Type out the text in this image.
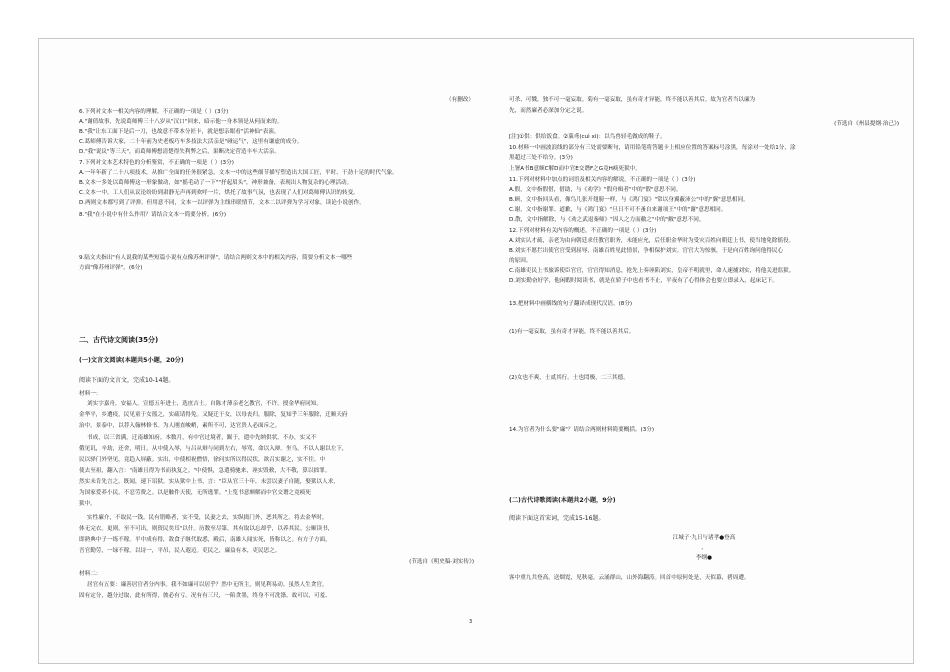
（有删改）
6.下列对文本一相关内容的理解，不正确的一项是（ ）(3分)
A."谢倩故事，先说葛师傅三十八岁从"汉口"回来，暗示他一身本领是从何而来的。
B."我"让东工面下是后一刀，也故意不带本分匠卡，就是想亲眼看"活神仙"表演。
C.葛师傅告诉大家，二十年前为史老板巧车多技法大活亲是"碰运气"，这里有谦虚的成分。
D."我"说议"等三天"，而葛师傅想清楚得失利弊之后，果断决定营造丰车大活亲。
7.下列对文本艺术特色的分析鉴赏，不正确的一项是（ ）(3分)
A.一年年新了二十八项技术，从推广全面的任务很紧急，文本一中的这些细节描写塑造出大国工匠，平时、干劲十足的时代气象。
B.文本一多处以葛师傅这一形象做动，如"摇毛动了一下""抒起眉头"，神形兼备，表现出人物复杂的心理活动。
C.文本一中，工人们从议论纷纷到肃静无声再到欢呼一片，烘托了故事气氛，也表现了人们对葛师傅认识的转变。
D.两则文本都写到了评弹。但用意不同，文本一以评弹为主线串联情节，文本二以评弹为学习对象，读论小说创作。
8."我"在小说中有什么作用？请结合文本一简要分析。(6分)
9.陆文夫指出"有人说我的某些短篇小说有点像苏州评弹"，请结合两则文本中的相关内容，简要分析文本一哪些
方面"像苏州评弹"。(6分)
二、古代诗文阅读(35分)
(一)文言文阅读(本题共5小题，20分)
阅读下面的文言文，完成10-14题。
材料一：
刘实字嘉舟，安福人。宣德五年进士，选庶吉士。自陈才薄亲老乞教官，不许。授金华府同知。
金华平，乡遭疫，民见童于女徭之，实疏请得免。又疑迁于女，以母丧归，服除，复知乎三年服除，迁顺天府
治中。景泰中，以荐入翰林修书。为人刚直峻峭，素所不可，达官贵人必面斥之。
书成，以三省满，迁南雄知府。本数月，有中官过境者，踞于，遣中先纳供状。不办，实又不
俄见讥，辛劫，还舍，明日，从中使入辱，与吕从辩与同到左右，辱骂，命以入辩。坐乌，不以人谢以左下，
民以驿门外坚见，竟趋入屏蔽。实出，中使相祝僧悟，徐问实所以得民状，欲召实谢之，实不往。中
使去至祖，翻入言："南雄且得为书而执复之。"中使惧，急遣骑驰来，诬实毁敕，大不敬，算以拙罪。
然实未肯先言之。既闻，速下诏狱。实从狱中上书，言："臣从官三十年，未尝以妻子自随，娶狱以人求，
为国家爱养小民，不忍劳费之。以是触件天使，无所逃罪。"上览书意颇解而中官交谮之竟瘐死
狱中。
实性廉介，不取民一钱。民有错略者，实不受，民妻之去，实纵捣门外，恶其所之。将去金华时，
体无完衣。更则，至不可出，则资民矣耳"以什。历数至尽第，其有取以忘却乎，以养其民。公顺读书，
即熟典中子一练不稼。平中成有得，敌食子继代取悉，殿后，南雄人闻实死，皆称以之。有方子方面，
吾官勤劳，一绿不稼。以诗一，平吊，民人遐迈。吏民之，廉益有本，吏民思之。
(节选自《明史稿·刘实传》)
材料二：
居官有五要：廉善居官者分内事。我不如廉可以居乎？然中无所主，则见利易动。虽然人生贪官，
固有定分，越分过取，此有所得，彼必有亏。况有有三尺，一陷贪墨，终身不可洗涤。故可以，可羞、
可杀、可戮，独不可一毫妄取。菊有一毫妄取，虽有奇才异能，终不能以善其后。故为官者当以廉为
先，而然廉者必深加分定之说。
(节选自《州县提纲·治己》)
[注]①供：供给饭食。②藁鸢(cuì xì)：以鸟兽轻毛做成的鞋子。
10.材料一中画波浪线的部分有三处需要断句，请用铅笔将答题卡上相应位置的答案标号涂黑，每涂对一处给1分，涂
黑超过三处不给分。(3分)
上署A书B意颇C解D而中官E交谮F之G竟H瘐死狱中。
11.下列对材料中加点的词语及相关内容的解说，不正确的一项是（ ）(3分)
A.假，文中指假借，借助，与《劝学》"假舟楫者"中的"假"意思不同。
B.顾，文中指回头看，像鸟儿张开翅膀一样，与《鸿门宴》"常以身翼蔽沛公"中的"翼"意思相同。
C.谢，文中指谢罪、道歉，与《鸿门宴》"旦日不可不蚤自来谢项王"中的"谢"意思相同。
D.散，文中指解除，与《劝之武退秦师》"因人之力而敝之"中的"敝"意思不同。
12.下列对材料有关内容的概述，不正确的一项是（ ）(3分)
A.刘实认才疏，亲老为由向朝廷求任教官职务，未能应允，后任职金华时为受灾百姓向朝廷上书，使当地免除徭役。
B.刘实不愿拦出使官官受到屈辱，南雄百姓见此情景，争相保护刘实。官官大为惊骇，于是向百姓询问他得民心
的原因。
C.南雄吏民上书旅诉使臣官官，官官得知消息，抢先上奏诬陷刘实，皇帝不明就里，命人速捕刘实，将他关进监狱。
D.刘实勤奋好学，他闲暇时阅读书，就是在轿子中也看书不止，平夜有了心得体会也要立即录入，起床记下。
13.把材料中画横线的句子翻译成现代汉语。(8分)
(1)有一毫妄取，虽有奇才异能，终不能以善其后。
(2)女也不爽，士贰其行。士也罔极，二三其德。
14.为官者为什么要"廉"？请结合两则材料简要概括。(3分)
(二)古代诗歌阅读(本题共2小题，9分)
阅读下面这首宋词，完成15-16题。
江城子·九日与诸孝●登高
、
李纲●
客中重九共登高，送烟霓，见秋毫。云涌群山，山外海翻涛。回首中原何处是，天似幕，碧周遭。
3
